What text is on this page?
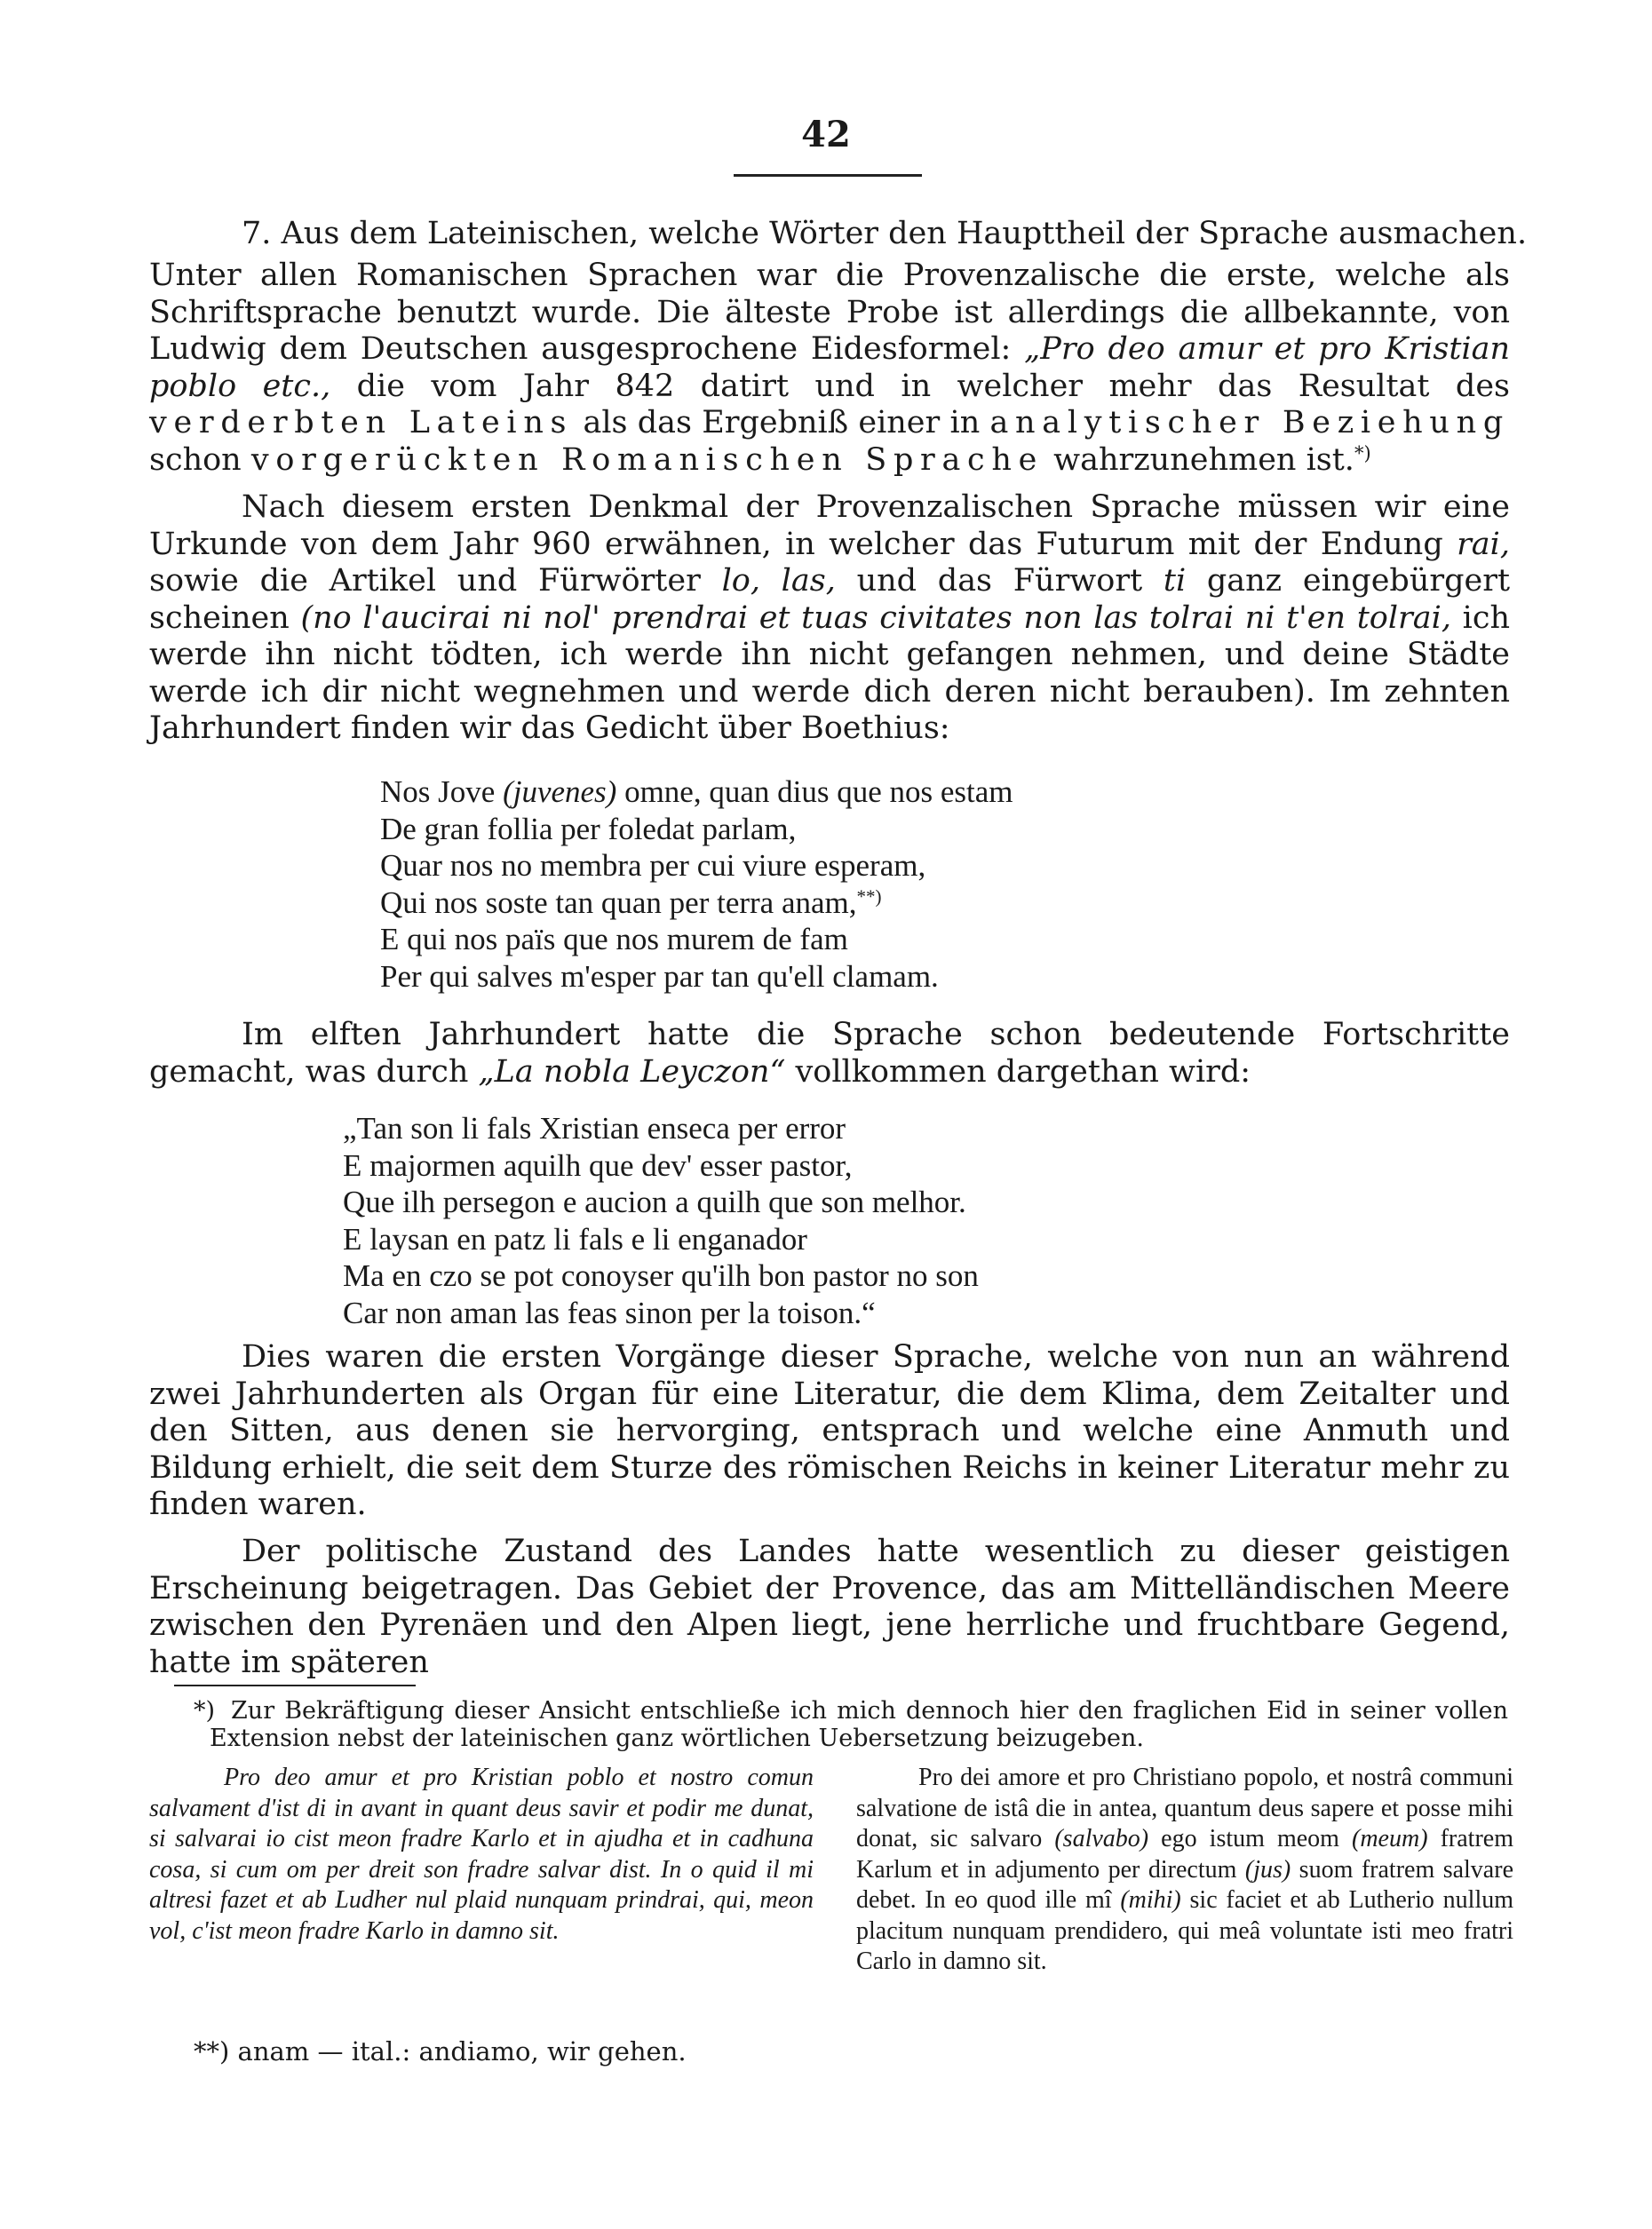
42

7. Aus dem Lateinischen, welche Wörter den Haupttheil der Sprache ausmachen.

Unter allen Romanischen Sprachen war die Provenzalische die erste, welche als Schriftsprache benutzt wurde. Die älteste Probe ist allerdings die allbekannte, von Ludwig dem Deutschen ausgesprochene Eidesformel: „Pro deo amur et pro Kristian poblo etc., die vom Jahr 842 datirt und in welcher mehr das Resultat des verderbten Lateins als das Ergebniß einer in analytischer Beziehung schon vorgerückten Romanischen Sprache wahrzunehmen ist.*)

Nach diesem ersten Denkmal der Provenzalischen Sprache müssen wir eine Urkunde von dem Jahr 960 erwähnen, in welcher das Futurum mit der Endung rai, sowie die Artikel und Fürwörter lo, las, und das Fürwort ti ganz eingebürgert scheinen (no l'aucirai ni nol' prendrai et tuas civitates non las tolrai ni t'en tolrai, ich werde ihn nicht tödten, ich werde ihn nicht gefangen nehmen, und deine Städte werde ich dir nicht wegnehmen und werde dich deren nicht berauben). Im zehnten Jahrhundert finden wir das Gedicht über Boethius:

Nos Jove (juvenes) omne, quan dius que nos estam
De gran follia per foledat parlam,
Quar nos no membra per cui viure esperam,
Qui nos soste tan quan per terra anam,**)
E qui nos païs que nos murem de fam
Per qui salves m'esper par tan qu'ell clamam.

Im elften Jahrhundert hatte die Sprache schon bedeutende Fortschritte gemacht, was durch „La nobla Leyczon“ vollkommen dargethan wird:

„Tan son li fals Xristian enseca per error
E majormen aquilh que dev' esser pastor,
Que ilh persegon e aucion a quilh que son melhor.
E laysan en patz li fals e li enganador
Ma en czo se pot conoyser qu'ilh bon pastor no son
Car non aman las feas sinon per la toison.“

Dies waren die ersten Vorgänge dieser Sprache, welche von nun an während zwei Jahrhunderten als Organ für eine Literatur, die dem Klima, dem Zeitalter und den Sitten, aus denen sie hervorging, entsprach und welche eine Anmuth und Bildung erhielt, die seit dem Sturze des römischen Reichs in keiner Literatur mehr zu finden waren.

Der politische Zustand des Landes hatte wesentlich zu dieser geistigen Erscheinung beigetragen. Das Gebiet der Provence, das am Mittelländischen Meere zwischen den Pyrenäen und den Alpen liegt, jene herrliche und fruchtbare Gegend, hatte im späteren

*) Zur Bekräftigung dieser Ansicht entschließe ich mich dennoch hier den fraglichen Eid in seiner vollen Extension nebst der lateinischen ganz wörtlichen Uebersetzung beizugeben.

Pro deo amur et pro Kristian poblo et nostro comun salvament d'ist di in avant in quant deus savir et podir me dunat, si salvarai io cist meon fradre Karlo et in ajudha et in cadhuna cosa, si cum om per dreit son fradre salvar dist. In o quid il mi altresi fazet et ab Ludher nul plaid nunquam prindrai, qui, meon vol, c'ist meon fradre Karlo in damno sit.

Pro dei amore et pro Christiano popolo, et nostrâ communi salvatione de istâ die in antea, quantum deus sapere et posse mihi donat, sic salvaro (salvabo) ego istum meom (meum) fratrem Karlum et in adjumento per directum (jus) suom fratrem salvare debet. In eo quod ille mî (mihi) sic faciet et ab Lutherio nullum placitum nunquam prendidero, qui meâ voluntate isti meo fratri Carlo in damno sit.

**) anam — ital.: andiamo, wir gehen.
